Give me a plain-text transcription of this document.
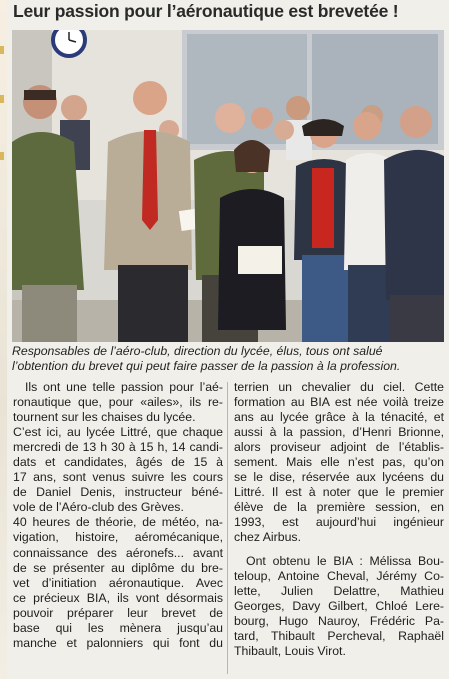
Leur passion pour l’aéronautique est brevetée !

Responsables de l’aéro-club, direction du lycée, élus, tous ont salué
l’obtention du brevet qui peut faire passer de la passion à la profession.

Ils ont une telle passion pour l’aé-
ronautique que, pour «ailes», ils re-
tournent sur les chaises du lycée.
C’est ici, au lycée Littré, que chaque
mercredi de 13 h 30 à 15 h, 14 candi-
dats et candidates, âgés de 15 à
17 ans, sont venus suivre les cours
de Daniel Denis, instructeur béné-
vole de l’Aéro-club des Grèves.
40 heures de théorie, de météo, na-
vigation, histoire, aéromécanique,
connaissance des aéronefs... avant
de se présenter au diplôme du bre-
vet d’initiation aéronautique. Avec
ce précieux BIA, ils vont désormais
pouvoir préparer leur brevet de
base qui les mènera jusqu’au
manche et palonniers qui font du

terrien un chevalier du ciel. Cette
formation au BIA est née voilà treize
ans au lycée grâce à la ténacité, et
aussi à la passion, d’Henri Brionne,
alors proviseur adjoint de l’établis-
sement. Mais elle n’est pas, qu’on
se le dise, réservée aux lycéens du
Littré. Il est à noter que le premier
élève de la première session, en
1993, est aujourd’hui ingénieur
chez Airbus.

Ont obtenu le BIA : Mélissa Bou-
teloup, Antoine Cheval, Jérémy Co-
lette, Julien Delattre, Mathieu
Georges, Davy Gilbert, Chloé Lere-
bourg, Hugo Nauroy, Frédéric Pa-
tard, Thibault Percheval, Raphaël
Thibault, Louis Virot.
